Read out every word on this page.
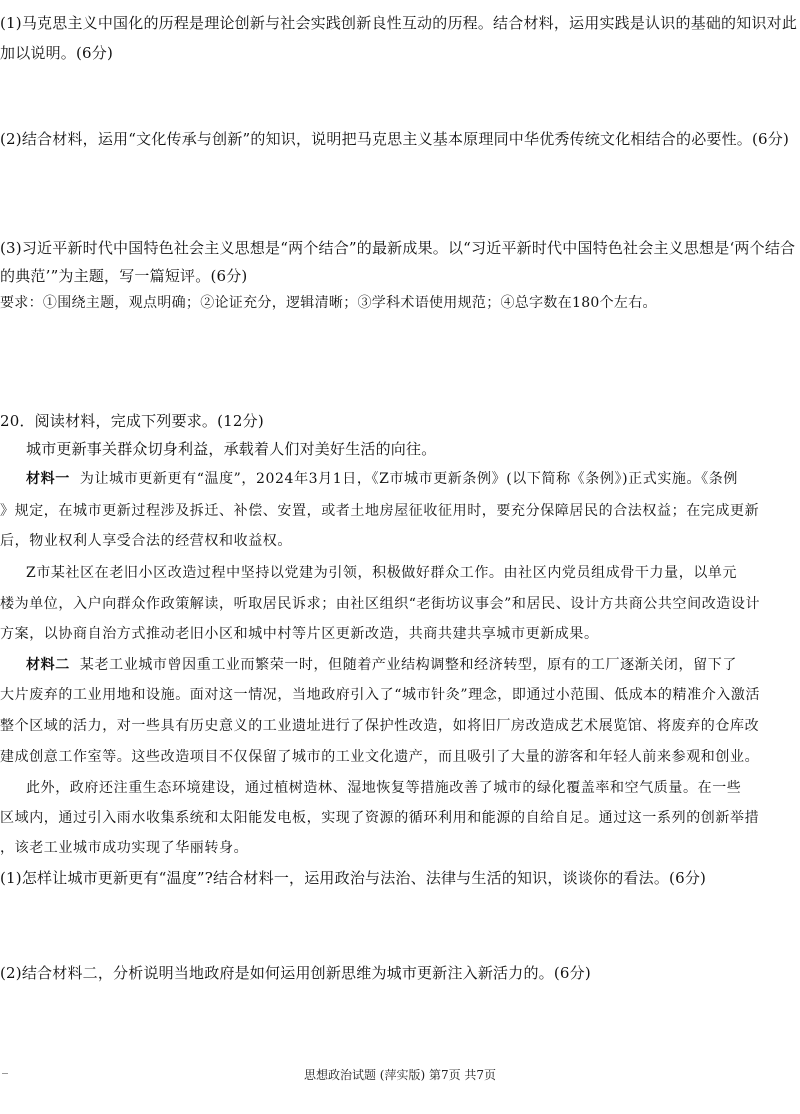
(1)马克思主义中国化的历程是理论创新与社会实践创新良性互动的历程。结合材料，运用实践是认识的基础的知识对此
加以说明。(6分)
(2)结合材料，运用“文化传承与创新”的知识，说明把马克思主义基本原理同中华优秀传统文化相结合的必要性。(6分)
(3)习近平新时代中国特色社会主义思想是“两个结合”的最新成果。以“习近平新时代中国特色社会主义思想是‘两个结合
的典范’”为主题，写一篇短评。(6分)
要求：①围绕主题，观点明确；②论证充分，逻辑清晰；③学科术语使用规范；④总字数在180个左右。
20．阅读材料，完成下列要求。(12分)
城市更新事关群众切身利益，承载着人们对美好生活的向往。
材料一 为让城市更新更有“温度”，2024年3月1日，《Z市城市更新条例》(以下简称《条例》)正式实施。《条例
》规定，在城市更新过程涉及拆迁、补偿、安置，或者土地房屋征收征用时，要充分保障居民的合法权益；在完成更新
后，物业权利人享受合法的经营权和收益权。
Z市某社区在老旧小区改造过程中坚持以党建为引领，积极做好群众工作。由社区内党员组成骨干力量，以单元
楼为单位，入户向群众作政策解读，听取居民诉求；由社区组织“老街坊议事会”和居民、设计方共商公共空间改造设计
方案，以协商自治方式推动老旧小区和城中村等片区更新改造，共商共建共享城市更新成果。
材料二 某老工业城市曾因重工业而繁荣一时，但随着产业结构调整和经济转型，原有的工厂逐渐关闭，留下了
大片废弃的工业用地和设施。面对这一情况，当地政府引入了“城市针灸”理念，即通过小范围、低成本的精准介入激活
整个区域的活力，对一些具有历史意义的工业遗址进行了保护性改造，如将旧厂房改造成艺术展览馆、将废弃的仓库改
建成创意工作室等。这些改造项目不仅保留了城市的工业文化遗产，而且吸引了大量的游客和年轻人前来参观和创业。
此外，政府还注重生态环境建设，通过植树造林、湿地恢复等措施改善了城市的绿化覆盖率和空气质量。在一些
区域内，通过引入雨水收集系统和太阳能发电板，实现了资源的循环利用和能源的自给自足。通过这一系列的创新举措
，该老工业城市成功实现了华丽转身。
(1)怎样让城市更新更有“温度”?结合材料一，运用政治与法治、法律与生活的知识，谈谈你的看法。(6分)
(2)结合材料二，分析说明当地政府是如何运用创新思维为城市更新注入新活力的。(6分)
思想政治试题 (萍实版) 第7页 共7页
